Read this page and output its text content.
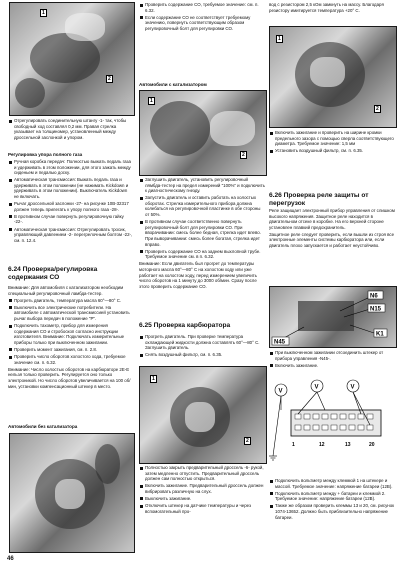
1
2

Отрегулировать соединительную штангу -1- так, чтобы свободный ход составлял 0,2 мм. Правая стрелка указывает на толщиномер, установленный между дроссельной заслонкой и упором.

Регулировка упора полного газа

Ручная коробка передач: Полностью выжать педаль газа и удерживать в этом положении, для этого зажать между сиденьем и педалью доску.

Автоматическая трансмиссия: Выжать педаль газа и удерживать в этом положении (не нажимать Kickdown и удерживать в этом положении). Выключатель Kickdown не включать.

Рычаг дроссельной заслонки -27- на рисунке 10В-32317 должен теперь прилегать к упору полного газа -28-.

В противном случае повернуть регулировочную гайку -22-.

Автоматическая трансмиссия: Отрегулировать тросик, управляющий давлением -2- перегрелочным болтом -22-, см. п. 12.4.

6.24 Проверка/регулировка содержания СО

Внимание: Для автомобиля с катализатором необходим специальный регулировочный ламбда-тестер.

Прогреть двигатель, температура масла 60°—80° С.

Выключить все электрические потребители. На автомобиле с автоматической трансмиссией установить рычаг выбора передач в положение "P".

Подключить тахометр, прибор для измерения содержания СО и стробоскоп согласно инструкции изготовителя. Внимание: Подключать измерительные приборы только при выключенном зажигании.

Проверить момент зажигания, см. п. 2.8.

Проверить число оборотов холостого хода, требуемое значение см. п. 6.32.

Внимание: Число холостых оборотов на карбюраторе 2Е-Е нельзя только проверить. Регулируется оно только электроникой. Но число оборотов увеличивается на 100 об/мин, установки компенсационный штекер в место.

Автомобили без катализатора

Проверить содержание СО, требуемое значение: см. п. 6.32.

Если содержание СО не соответствует требуемому значению, повернуть соответствующим образом регулировочный болт для регулировки СО.

Автомобили с катализатором
1
2

Заглушить двигатель, установить регулировочный лямбда-тестер на предел измерений "100%" и подключить к диагностическому гнезду.

Запустить двигатель и оставить работать на холостых оборотах. Стрелка измерительного прибора должна колебаться на регулировочной пластинке в обе стороны от 50%.

В противном случае соответственно повернуть регулировочный болт для регулировки СО. При вворачивании: смесь более бедная, стрелка идет влево. При выворачивании: смесь более богатая, стрелка идет вправо.

Проверить содержание СО на заднем выхлопной трубе. Требуемое значение см. в п. 6.32.

Внимание: Если двигатель был прогрет до температуры моторного масла 60°—80° С на холостом ходу или уже работает на холостом ходу, перед измерением увеличить число оборотов на 1 минуту до 3000 об/мин. Сразу после этого проверить содержание СО.

6.25 Проверка карбюратора

Прогреть двигатель. При проверке температура охлаждающей жидкости должна составлять 60°—80° С. Заглушить двигатель.

Снять воздушный фильтр, см. п. 6.35.

1
2

Полностью закрыть предварительный дроссель -6- рукой, затем медленно отпустить. Предварительный дроссель должен сам полностью открыться.

Включить зажигание. Предварительный дроссель должен вибрировать различную на слух.

Выключить зажигание.

Отключить штекер на датчике температуры и через вспомогательный про-

вод с резистором 2,5 кОм замкнуть на массу. Благодаря резистору имитируется температура +20° С.

1
2

Включить зажигание и проверить на ширине кромки предельного зазора с помощью сверла соответствующего диаметра. Требуемое значение: 1,5 мм

Установить воздушный фильтр, см. п. 6.35.

6.26 Проверка реле защиты от перегрузок

Реле защищает электронный прибор управления от слишком высокого напряжения. Защитное реле находится в двигательном отсеке в коробке. На его верхней стороне установлен плавкий предохранитель.

Защитное реле следует проверить, если вышли из строя все электронные элементы системы карбюратора или, если двигатель плохо запускается и работает неустойчиво.

N6
N15
K1
N45

При выключенном зажигании отсоединить штекер от прибора управления -N45-.

Включить зажигание.

V
V	V
1	12	13	20

Подключить вольтметр между клеммой 1 на штекере и массой. Требуемое значение: напряжение батареи (12В).

Подключить вольтметр между + батареи и клеммой 2. Требуемое значение: напряжение батареи (12В).

Также же образом проверить клеммы 13 и 20, см. рисунок 1074-13652. Должно быть приблизительно напряжение батареи.

46
